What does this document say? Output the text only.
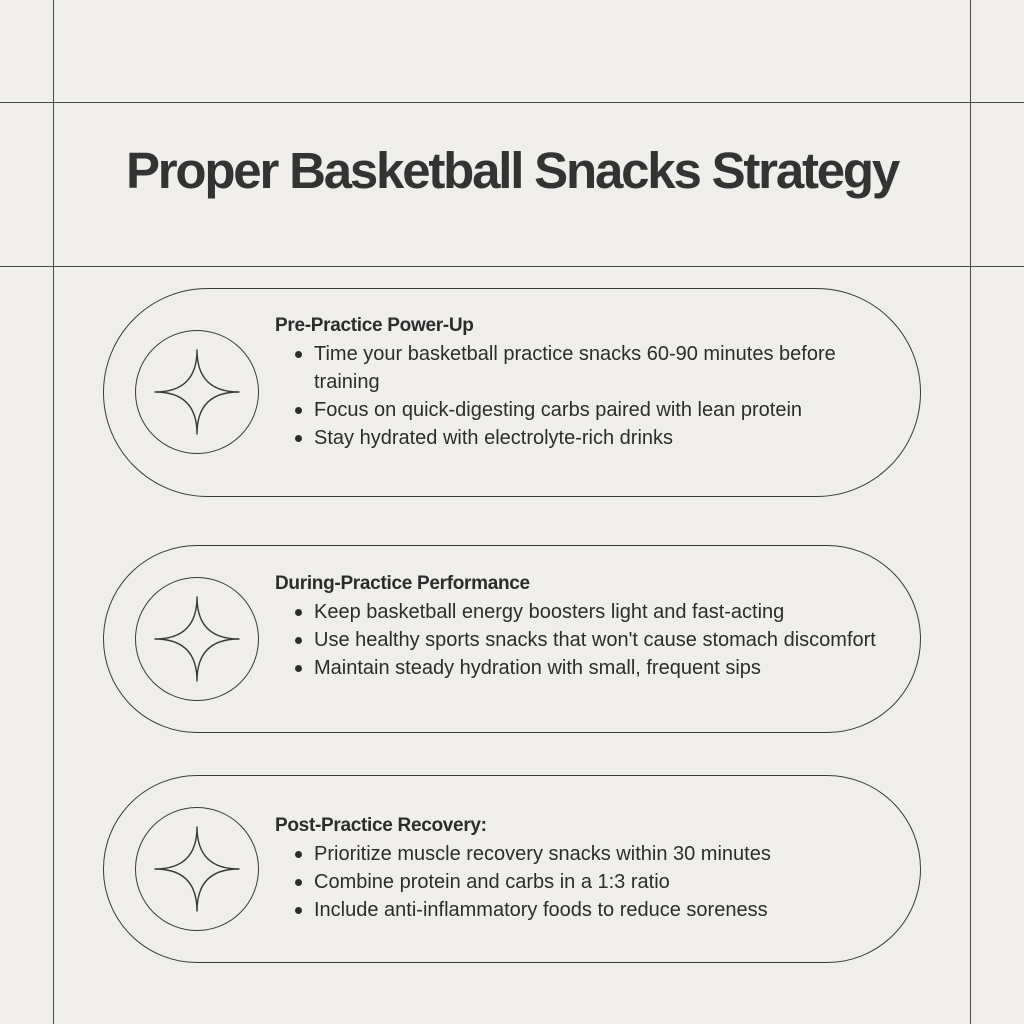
Proper Basketball Snacks Strategy
Pre-Practice Power-Up
Time your basketball practice snacks 60-90 minutes before training
Focus on quick-digesting carbs paired with lean protein
Stay hydrated with electrolyte-rich drinks
During-Practice Performance
Keep basketball energy boosters light and fast-acting
Use healthy sports snacks that won't cause stomach discomfort
Maintain steady hydration with small, frequent sips
Post-Practice Recovery:
Prioritize muscle recovery snacks within 30 minutes
Combine protein and carbs in a 1:3 ratio
Include anti-inflammatory foods to reduce soreness
